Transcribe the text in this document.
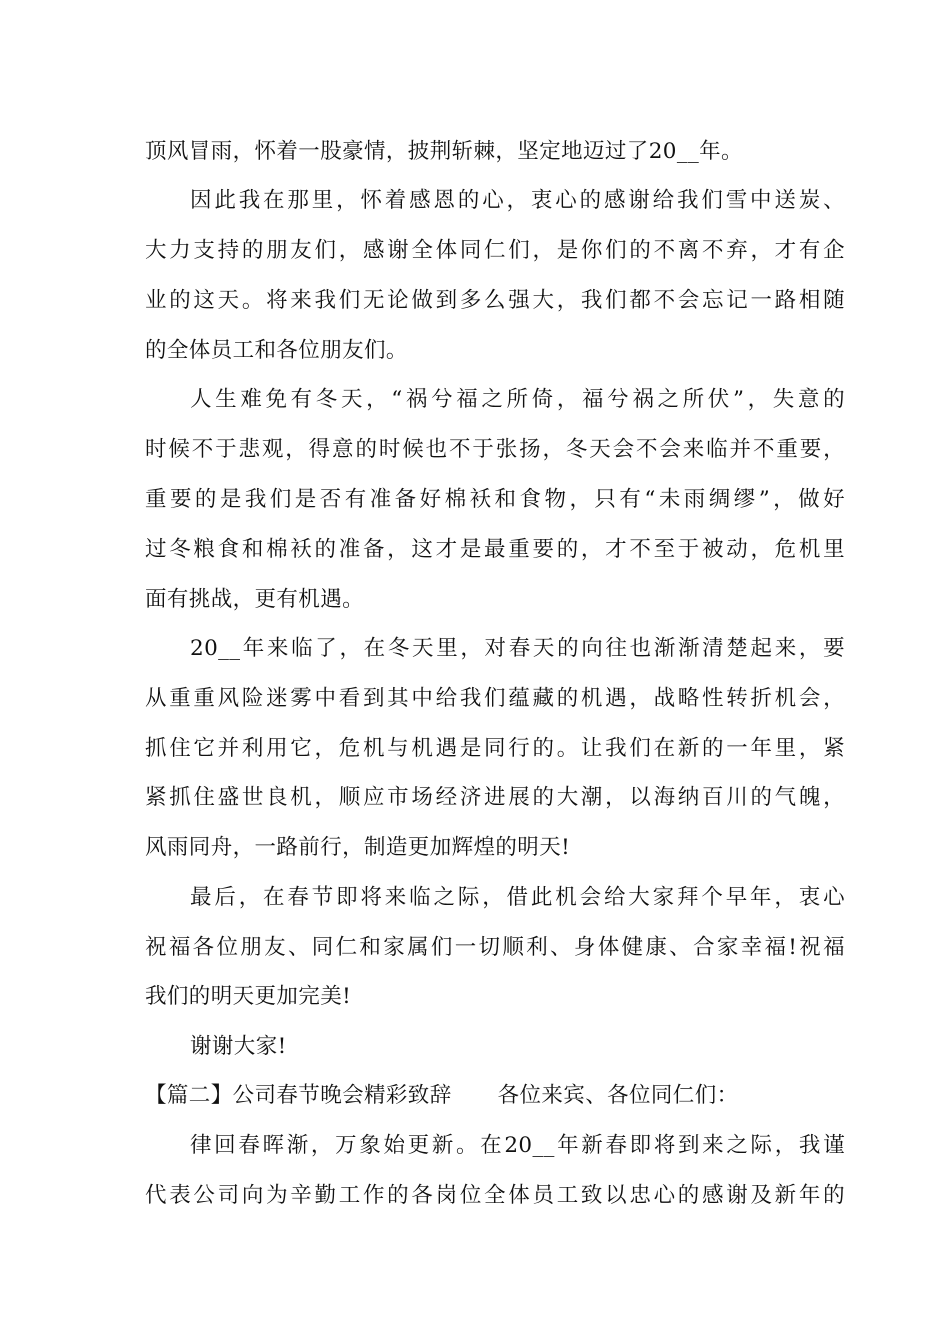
顶风冒雨，怀着一股豪情，披荆斩棘，坚定地迈过了20__年。
因此我在那里，怀着感恩的心，衷心的感谢给我们雪中送炭、
大力支持的朋友们，感谢全体同仁们，是你们的不离不弃，才有企
业的这天。将来我们无论做到多么强大，我们都不会忘记一路相随
的全体员工和各位朋友们。
人生难免有冬天，“祸兮福之所倚，福兮祸之所伏”，失意的
时候不于悲观，得意的时候也不于张扬，冬天会不会来临并不重要，
重要的是我们是否有准备好棉袄和食物，只有“未雨绸缪”，做好
过冬粮食和棉袄的准备，这才是最重要的，才不至于被动，危机里
面有挑战，更有机遇。
20__年来临了，在冬天里，对春天的向往也渐渐清楚起来，要
从重重风险迷雾中看到其中给我们蕴藏的机遇，战略性转折机会，
抓住它并利用它，危机与机遇是同行的。让我们在新的一年里，紧
紧抓住盛世良机，顺应市场经济进展的大潮，以海纳百川的气魄，
风雨同舟，一路前行，制造更加辉煌的明天!
最后，在春节即将来临之际，借此机会给大家拜个早年，衷心
祝福各位朋友、同仁和家属们一切顺利、身体健康、合家幸福!祝福
我们的明天更加完美!
谢谢大家!
【篇二】公司春节晚会精彩致辞 各位来宾、各位同仁们：
律回春晖渐，万象始更新。在20__年新春即将到来之际，我谨
代表公司向为辛勤工作的各岗位全体员工致以忠心的感谢及新年的
